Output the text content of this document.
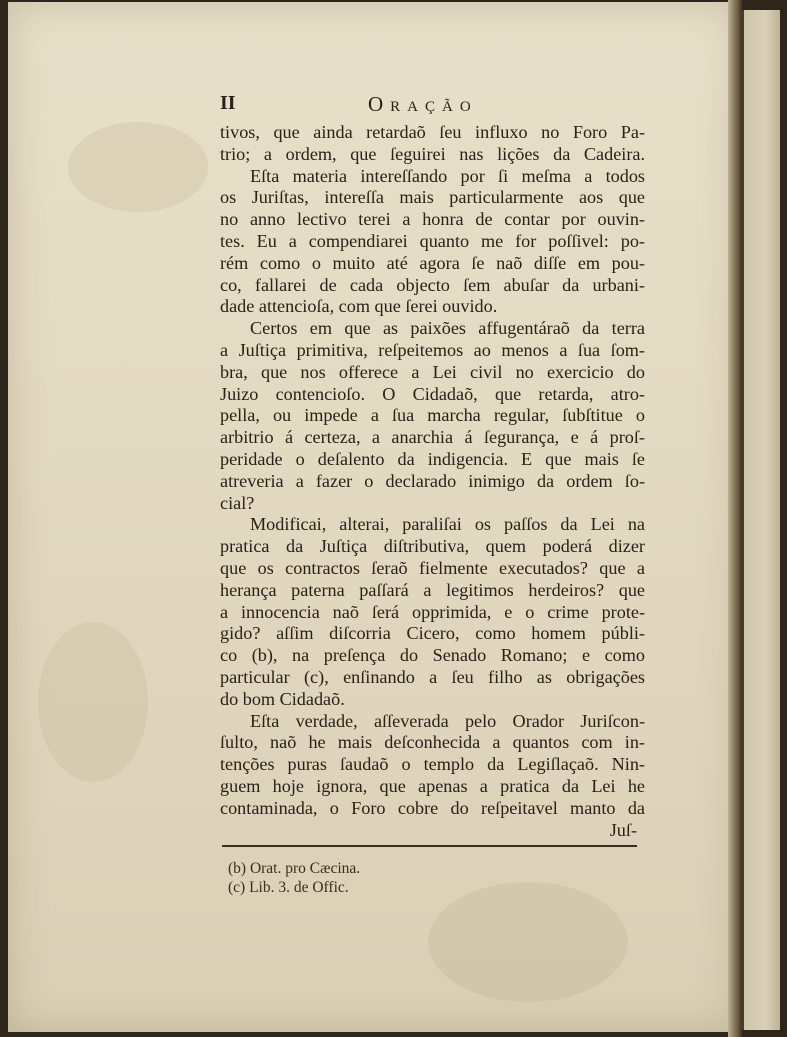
II	Oração
tivos, que ainda retardaõ ſeu influxo no Foro Pa-
trio; a ordem, que ſeguirei nas lições da Cadeira.
Eſta materia intereſſando por ſi meſma a todos
os Juriſtas, intereſſa mais particularmente aos que
no anno lectivo terei a honra de contar por ouvin-
tes. Eu a compendiarei quanto me for poſſivel: po-
rém como o muito até agora ſe naõ diſſe em pou-
co, fallarei de cada objecto ſem abuſar da urbani-
dade attencioſa, com que ſerei ouvido.
Certos em que as paixões affugentáraõ da terra
a Juſtiça primitiva, reſpeitemos ao menos a ſua ſom-
bra, que nos offerece a Lei civil no exercicio do
Juizo contencioſo. O Cidadaõ, que retarda, atro-
pella, ou impede a ſua marcha regular, ſubſtitue o
arbitrio á certeza, a anarchia á ſegurança, e á proſ-
peridade o deſalento da indigencia. E que mais ſe
atreveria a fazer o declarado inimigo da ordem ſo-
cial?
Modificai, alterai, paraliſai os paſſos da Lei na
pratica da Juſtiça diſtributiva, quem poderá dizer
que os contractos ſeraõ fielmente executados? que a
herança paterna paſſará a legitimos herdeiros? que
a innocencia naõ ſerá opprimida, e o crime prote-
gido? aſſim diſcorria Cicero, como homem públi-
co (b), na preſença do Senado Romano; e como
particular (c), enſinando a ſeu filho as obrigações
do bom Cidadaõ.
Eſta verdade, aſſeverada pelo Orador Juriſcon-
ſulto, naõ he mais deſconhecida a quantos com in-
tenções puras ſaudaõ o templo da Legiſlaçaõ. Nin-
guem hoje ignora, que apenas a pratica da Lei he
contaminada, o Foro cobre do reſpeitavel manto da
Juſ-
(b) Orat. pro Cæcina.
(c) Lib. 3. de Offic.
